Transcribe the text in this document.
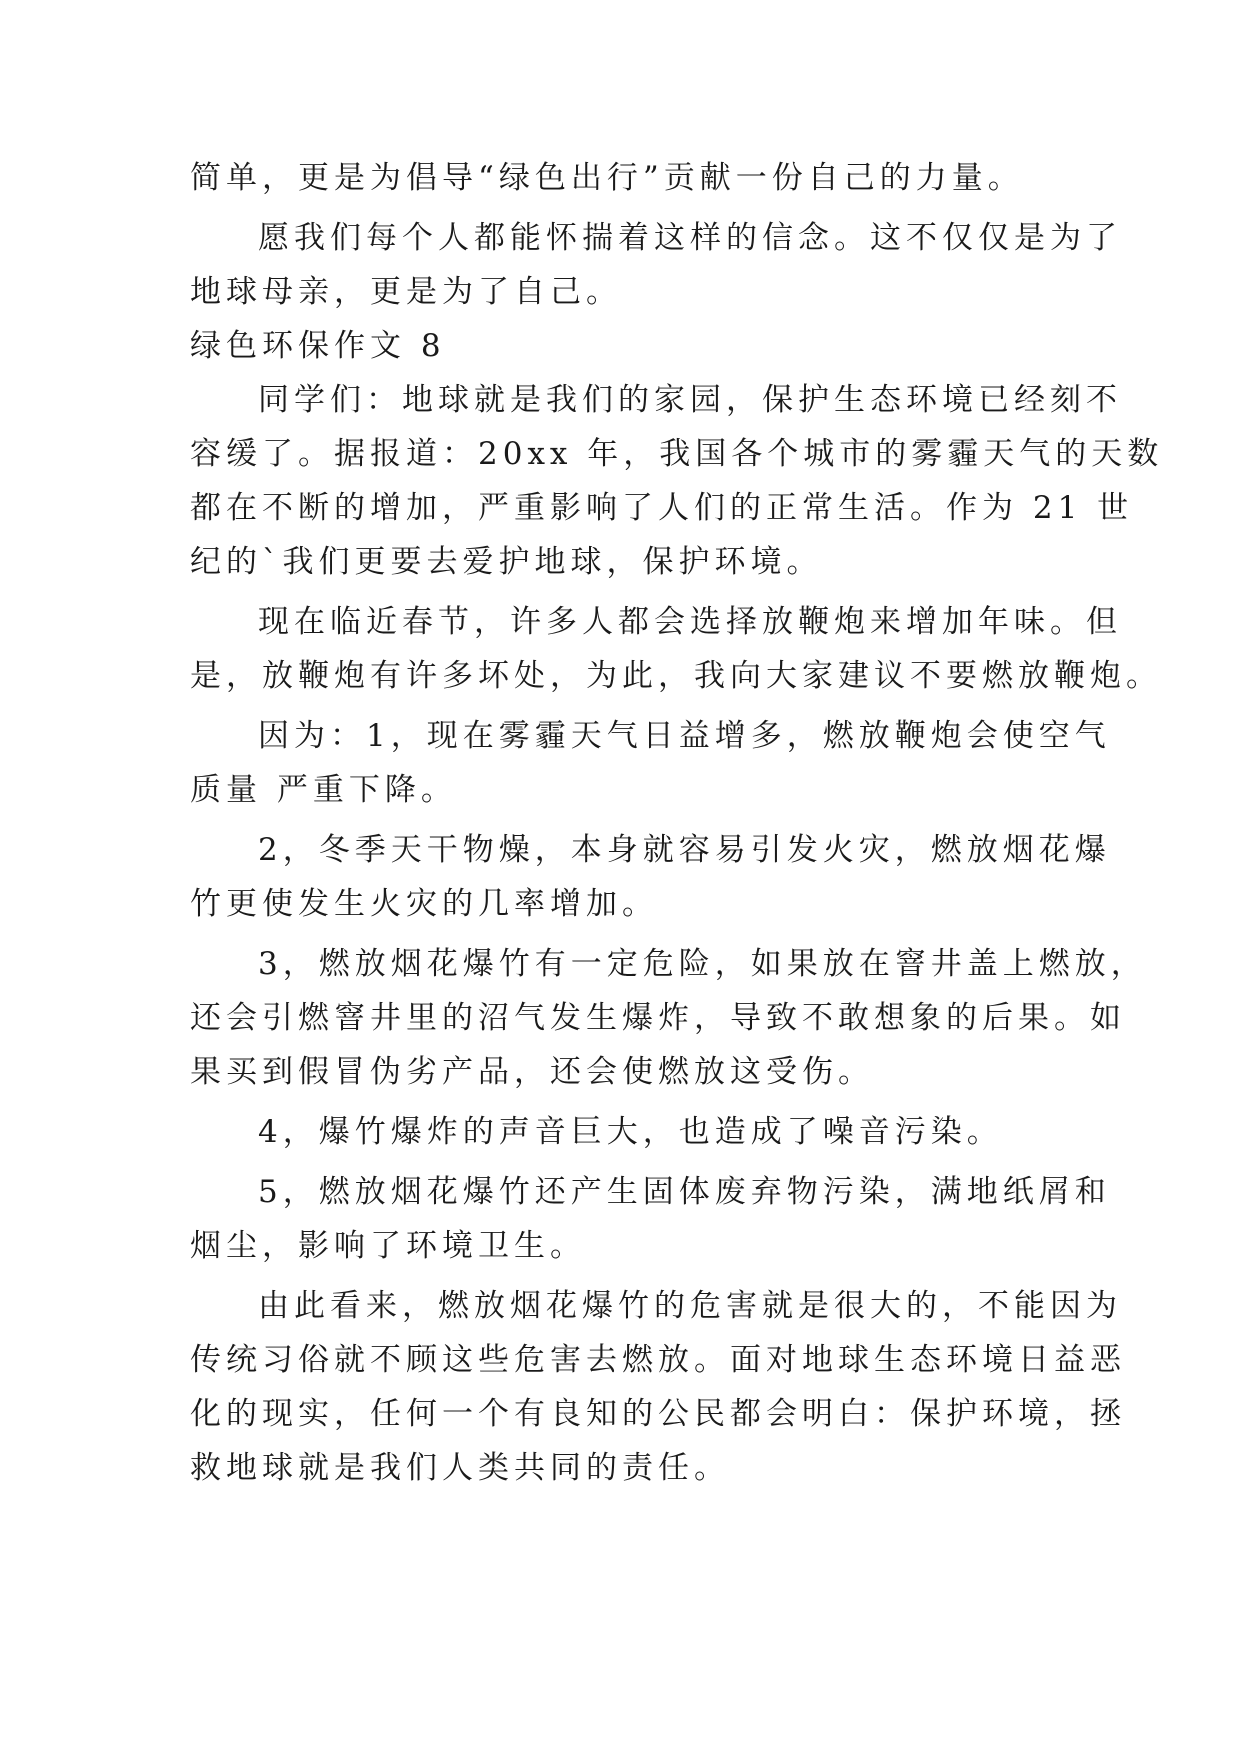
简单，更是为倡导“绿色出行”贡献一份自己的力量。
愿我们每个人都能怀揣着这样的信念。这不仅仅是为了
地球母亲，更是为了自己。
绿色环保作文 8
同学们：地球就是我们的家园，保护生态环境已经刻不
容缓了。据报道：20xx 年，我国各个城市的雾霾天气的天数
都在不断的增加，严重影响了人们的正常生活。作为 21 世
纪的`我们更要去爱护地球，保护环境。
现在临近春节，许多人都会选择放鞭炮来增加年味。但
是，放鞭炮有许多坏处，为此，我向大家建议不要燃放鞭炮。
因为：1，现在雾霾天气日益增多，燃放鞭炮会使空气
质量 严重下降。
2，冬季天干物燥，本身就容易引发火灾，燃放烟花爆
竹更使发生火灾的几率增加。
3，燃放烟花爆竹有一定危险，如果放在窨井盖上燃放，
还会引燃窨井里的沼气发生爆炸，导致不敢想象的后果。如
果买到假冒伪劣产品，还会使燃放这受伤。
4，爆竹爆炸的声音巨大，也造成了噪音污染。
5，燃放烟花爆竹还产生固体废弃物污染，满地纸屑和
烟尘，影响了环境卫生。
由此看来，燃放烟花爆竹的危害就是很大的，不能因为
传统习俗就不顾这些危害去燃放。面对地球生态环境日益恶
化的现实，任何一个有良知的公民都会明白：保护环境，拯
救地球就是我们人类共同的责任。
